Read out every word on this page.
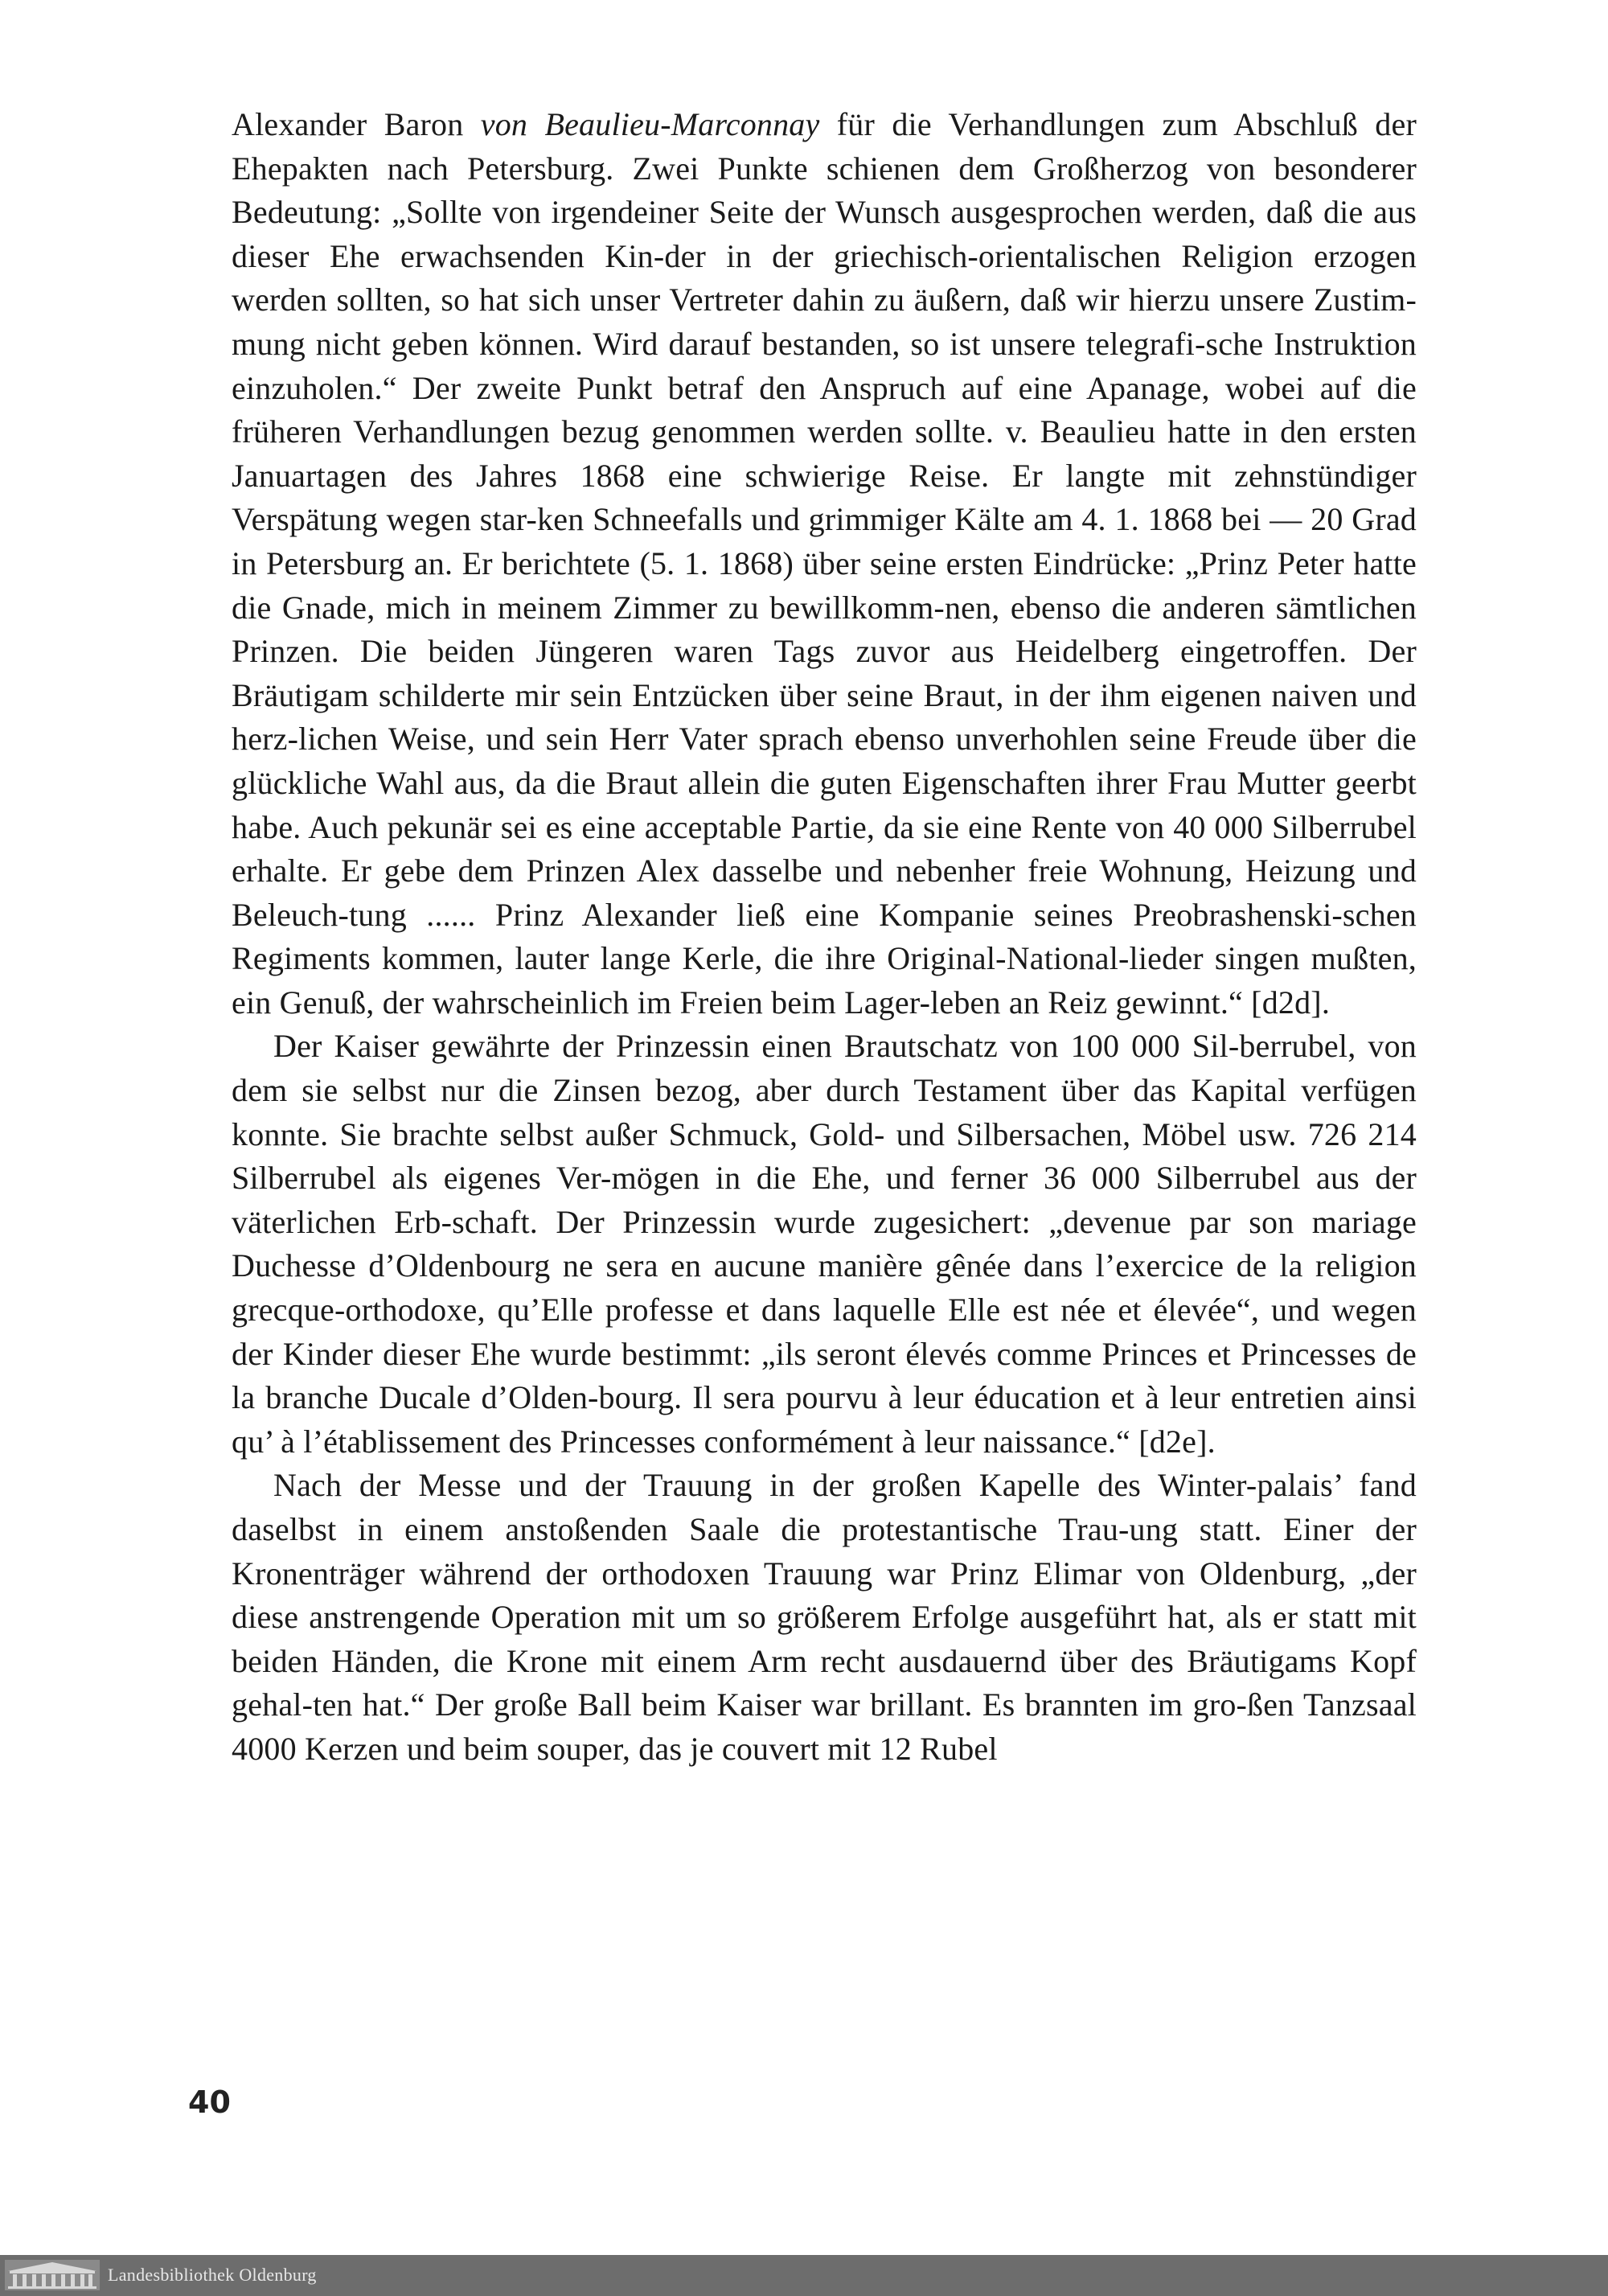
Alexander Baron von Beaulieu-Marconnay für die Verhandlungen zum Abschluß der Ehepakten nach Petersburg. Zwei Punkte schienen dem Großherzog von besonderer Bedeutung: „Sollte von irgendeiner Seite der Wunsch ausgesprochen werden, daß die aus dieser Ehe erwachsenden Kin-der in der griechisch-orientalischen Religion erzogen werden sollten, so hat sich unser Vertreter dahin zu äußern, daß wir hierzu unsere Zustim-mung nicht geben können. Wird darauf bestanden, so ist unsere telegrafi-sche Instruktion einzuholen.“ Der zweite Punkt betraf den Anspruch auf eine Apanage, wobei auf die früheren Verhandlungen bezug genommen werden sollte. v. Beaulieu hatte in den ersten Januartagen des Jahres 1868 eine schwierige Reise. Er langte mit zehnstündiger Verspätung wegen star-ken Schneefalls und grimmiger Kälte am 4. 1. 1868 bei — 20 Grad in Petersburg an. Er berichtete (5. 1. 1868) über seine ersten Eindrücke: „Prinz Peter hatte die Gnade, mich in meinem Zimmer zu bewillkomm-nen, ebenso die anderen sämtlichen Prinzen. Die beiden Jüngeren waren Tags zuvor aus Heidelberg eingetroffen. Der Bräutigam schilderte mir sein Entzücken über seine Braut, in der ihm eigenen naiven und herz-lichen Weise, und sein Herr Vater sprach ebenso unverhohlen seine Freude über die glückliche Wahl aus, da die Braut allein die guten Eigenschaften ihrer Frau Mutter geerbt habe. Auch pekunär sei es eine acceptable Partie, da sie eine Rente von 40 000 Silberrubel erhalte. Er gebe dem Prinzen Alex dasselbe und nebenher freie Wohnung, Heizung und Beleuch-tung ...... Prinz Alexander ließ eine Kompanie seines Preobrashenski-schen Regiments kommen, lauter lange Kerle, die ihre Original-National-lieder singen mußten, ein Genuß, der wahrscheinlich im Freien beim Lager-leben an Reiz gewinnt.“ [d2d].

Der Kaiser gewährte der Prinzessin einen Brautschatz von 100 000 Sil-berrubel, von dem sie selbst nur die Zinsen bezog, aber durch Testament über das Kapital verfügen konnte. Sie brachte selbst außer Schmuck, Gold- und Silbersachen, Möbel usw. 726 214 Silberrubel als eigenes Ver-mögen in die Ehe, und ferner 36 000 Silberrubel aus der väterlichen Erb-schaft. Der Prinzessin wurde zugesichert: „devenue par son mariage Duchesse d’Oldenbourg ne sera en aucune manière gênée dans l’exercice de la religion grecque-orthodoxe, qu’Elle professe et dans laquelle Elle est née et élevée“, und wegen der Kinder dieser Ehe wurde bestimmt: „ils seront élevés comme Princes et Princesses de la branche Ducale d’Olden-bourg. Il sera pourvu à leur éducation et à leur entretien ainsi qu’ à l’établissement des Princesses conformément à leur naissance.“ [d2e].

Nach der Messe und der Trauung in der großen Kapelle des Winter-palais’ fand daselbst in einem anstoßenden Saale die protestantische Trau-ung statt. Einer der Kronenträger während der orthodoxen Trauung war Prinz Elimar von Oldenburg, „der diese anstrengende Operation mit um so größerem Erfolge ausgeführt hat, als er statt mit beiden Händen, die Krone mit einem Arm recht ausdauernd über des Bräutigams Kopf gehal-ten hat.“ Der große Ball beim Kaiser war brillant. Es brannten im gro-ßen Tanzsaal 4000 Kerzen und beim souper, das je couvert mit 12 Rubel

40
Landesbibliothek Oldenburg
